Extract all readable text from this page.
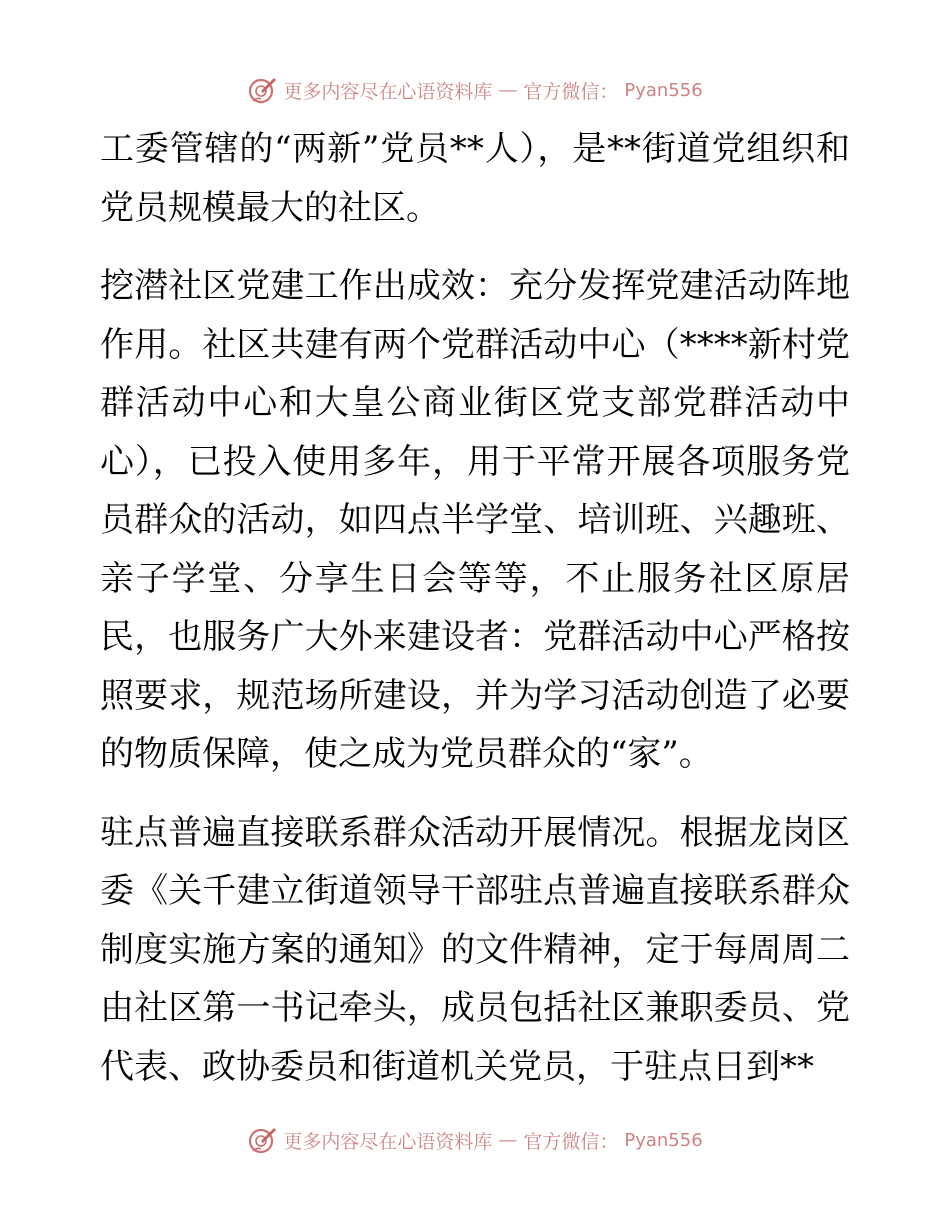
更多内容尽在心语资料库 — 官方微信： Pyan556

工委管辖的“两新”党员**人），是**街道党组织和党员规模最大的社区。

挖潜社区党建工作出成效：充分发挥党建活动阵地作用。社区共建有两个党群活动中心（****新村党群活动中心和大皇公商业街区党支部党群活动中心），已投入使用多年，用于平常开展各项服务党员群众的活动，如四点半学堂、培训班、兴趣班、亲子学堂、分享生日会等等，不止服务社区原居民，也服务广大外来建设者：党群活动中心严格按照要求，规范场所建设，并为学习活动创造了必要的物质保障，使之成为党员群众的“家”。

驻点普遍直接联系群众活动开展情况。根据龙岗区委《关千建立街道领导干部驻点普遍直接联系群众制度实施方案的通知》的文件精神，定于每周周二由社区第一书记牵头，成员包括社区兼职委员、党代表、政协委员和街道机关党员，于驻点日到**

更多内容尽在心语资料库 — 官方微信： Pyan556
